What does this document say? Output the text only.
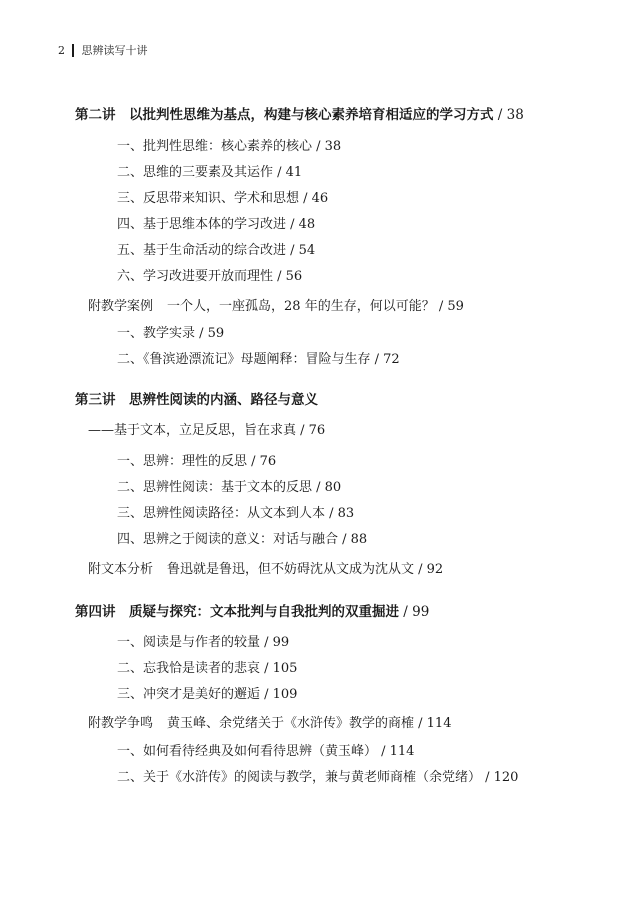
2 思辨读写十讲
第二讲　以批判性思维为基点，构建与核心素养培育相适应的学习方式 / 38
一、批判性思维：核心素养的核心 / 38
二、思维的三要素及其运作 / 41
三、反思带来知识、学术和思想 / 46
四、基于思维本体的学习改进 / 48
五、基于生命活动的综合改进 / 54
六、学习改进要开放而理性 / 56
附教学案例 一个人，一座孤岛，28 年的生存，何以可能？ / 59
一、教学实录 / 59
二、《鲁滨逊漂流记》母题阐释：冒险与生存 / 72
第三讲　思辨性阅读的内涵、路径与意义
——基于文本，立足反思，旨在求真 / 76
一、思辨：理性的反思 / 76
二、思辨性阅读：基于文本的反思 / 80
三、思辨性阅读路径：从文本到人本 / 83
四、思辨之于阅读的意义：对话与融合 / 88
附文本分析 鲁迅就是鲁迅，但不妨碍沈从文成为沈从文 / 92
第四讲　质疑与探究：文本批判与自我批判的双重掘进 / 99
一、阅读是与作者的较量 / 99
二、忘我恰是读者的悲哀 / 105
三、冲突才是美好的邂逅 / 109
附教学争鸣 黄玉峰、余党绪关于《水浒传》教学的商榷 / 114
一、如何看待经典及如何看待思辨（黄玉峰） / 114
二、关于《水浒传》的阅读与教学，兼与黄老师商榷（余党绪） / 120
